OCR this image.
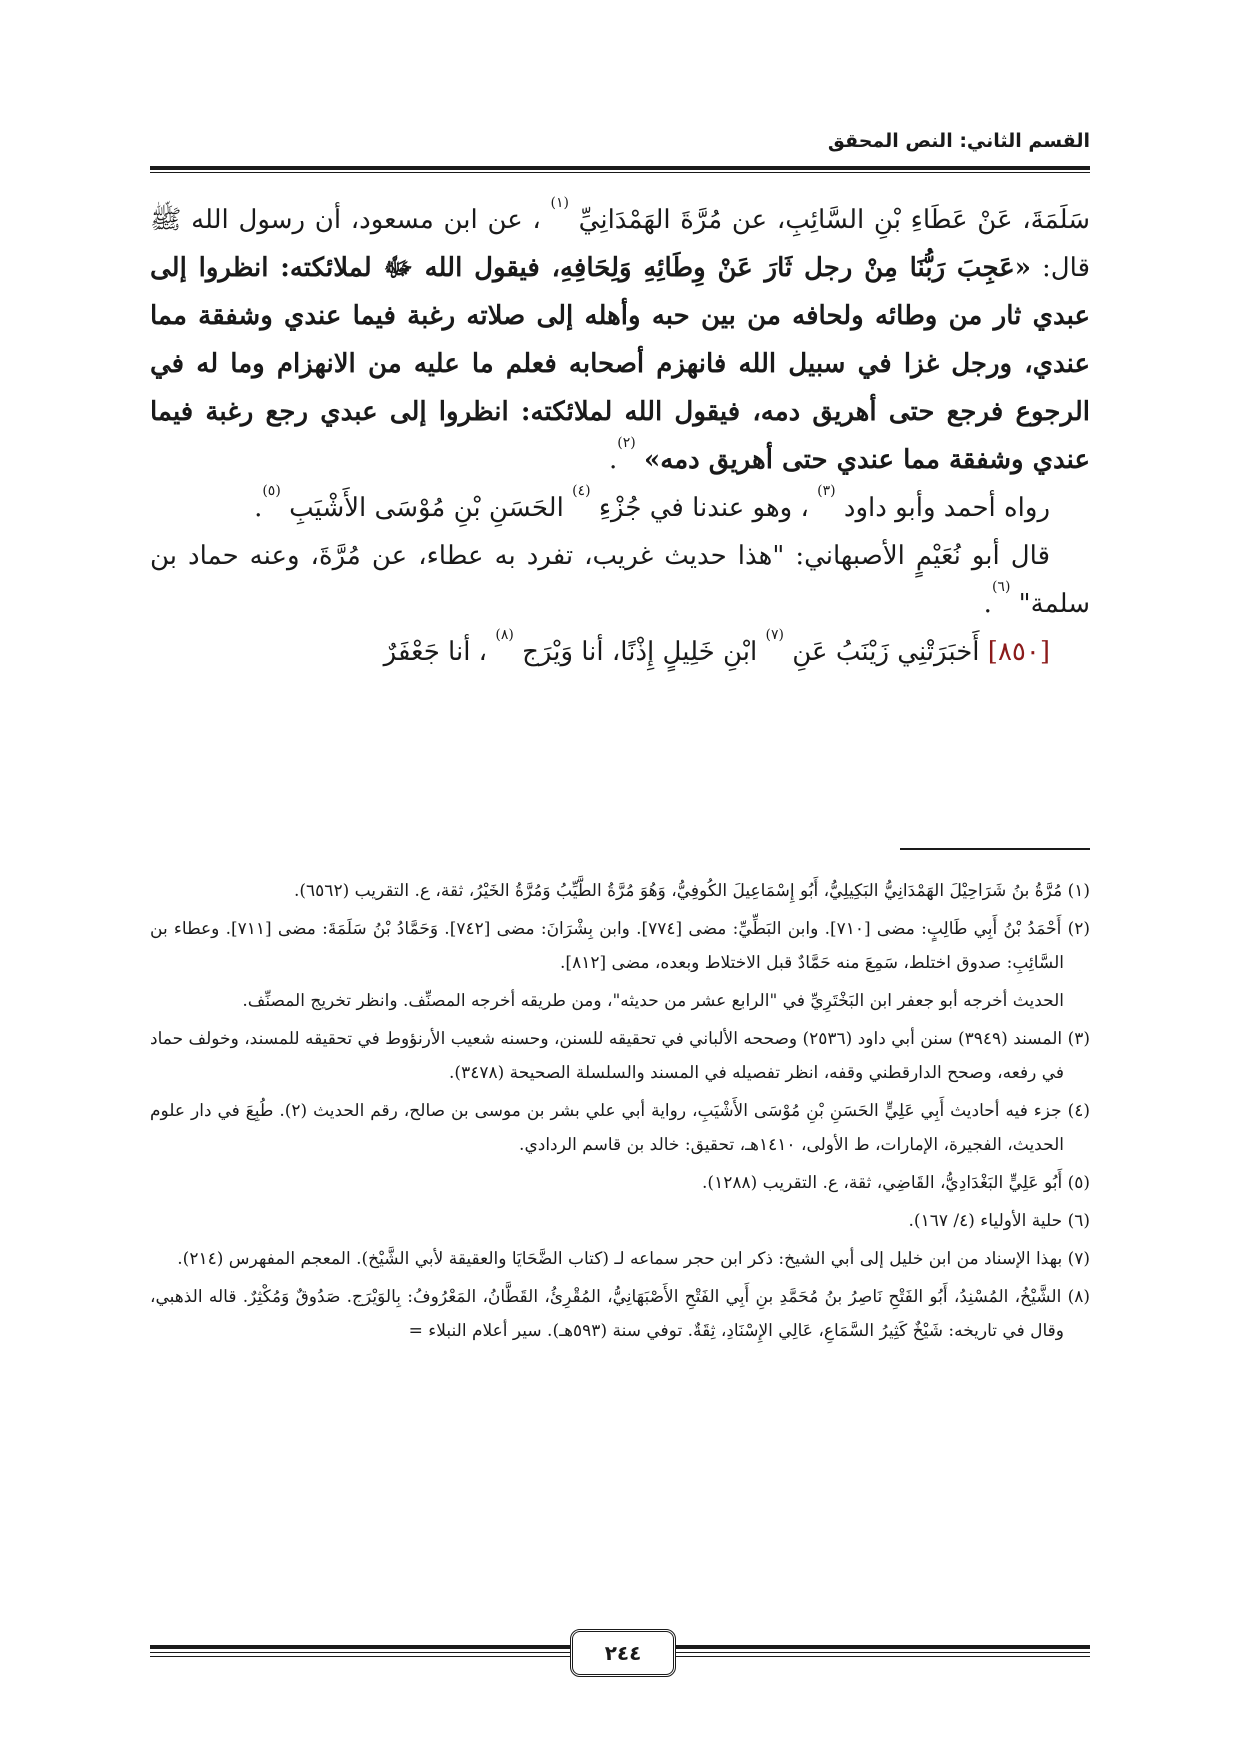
القسم الثاني: النص المحقق

سَلَمَةَ، عَنْ عَطَاءِ بْنِ السَّائِبِ، عن مُرَّةَ الهَمْدَانِيِّ $^{(١)}$ ، عن ابن مسعود، أن رسول الله ﷺ قال: «عَجِبَ رَبُّنَا مِنْ رجل ثَارَ عَنْ وِطَائِهِ وَلِحَافِهِ، فيقول الله ﷻ لملائكته: انظروا إلى عبدي ثار من وطائه ولحافه من بين حبه وأهله إلى صلاته رغبة فيما عندي وشفقة مما عندي، ورجل غزا في سبيل الله فانهزم أصحابه فعلم ما عليه من الانهزام وما له في الرجوع فرجع حتى أهريق دمه، فيقول الله لملائكته: انظروا إلى عبدي رجع رغبة فيما عندي وشفقة مما عندي حتى أهريق دمه» $^{(٢)}$.

رواه أحمد وأبو داود $^{(٣)}$ ، وهو عندنا في جُزْءِ $^{(٤)}$ الحَسَنِ بْنِ مُوْسَى الأَشْيَبِ $^{(٥)}$.

قال أبو نُعَيْمٍ الأصبهاني: "هذا حديث غريب، تفرد به عطاء، عن مُرَّةَ، وعنه حماد بن سلمة" $^{(٦)}$.

[٨٥٠] أَخبَرَتْنِي زَيْنَبُ عَنِ $^{(٧)}$ ابْنِ خَلِيلٍ إِذْنًا، أنا وَيْرَج $^{(٨)}$ ، أنا جَعْفَرٌ

(١) مُرَّةُ بنُ شَرَاحِيْلَ الهَمْدَانِيُّ البَكِيلِيُّ، أَبُو إِسْمَاعِيلَ الكُوفِيُّ، وَهُوَ مُرَّةُ الطَّيِّبُ وَمُرَّةُ الخَيْرُ، ثقة، ع. التقريب (٦٥٦٢).

(٢) أَحْمَدُ بْنُ أَبِي طَالِبٍ: مضى [٧١٠]. وابن البَطِّيِّ: مضى [٧٧٤]. وابن بِشْرَانَ: مضى [٧٤٢]. وَحَمَّادُ بْنُ سَلَمَةَ: مضى [٧١١]. وعطاء بن السَّائِبِ: صدوق اختلط، سَمِعَ منه حَمَّادٌ قبل الاختلاط وبعده، مضى [٨١٢].

الحديث أخرجه أبو جعفر ابن البَخْتَرِيِّ في "الرابع عشر من حديثه"، ومن طريقه أخرجه المصنِّف. وانظر تخريج المصنِّف.

(٣) المسند (٣٩٤٩) سنن أبي داود (٢٥٣٦) وصححه الألباني في تحقيقه للسنن، وحسنه شعيب الأرنؤوط في تحقيقه للمسند، وخولف حماد في رفعه، وصحح الدارقطني وقفه، انظر تفصيله في المسند والسلسلة الصحيحة (٣٤٧٨).

(٤) جزء فيه أحاديث أَبِي عَلِيٍّ الحَسَنِ بْنِ مُوْسَى الأَشْيَبِ، رواية أبي علي بشر بن موسى بن صالح، رقم الحديث (٢). طُبِعَ في دار علوم الحديث، الفجيرة، الإمارات، ط الأولى، ١٤١٠هـ، تحقيق: خالد بن قاسم الردادي.

(٥) أَبُو عَلِيٍّ البَغْدَادِيُّ، القَاضِي، ثقة، ع. التقريب (١٢٨٨).

(٦) حلية الأولياء (٤/ ١٦٧).

(٧) بهذا الإسناد من ابن خليل إلى أبي الشيخ: ذكر ابن حجر سماعه لـ (كتاب الضَّحَايَا والعقيقة لأبي الشَّيْخ). المعجم المفهرس (٢١٤).

(٨) الشَّيْخُ، المُسْنِدُ، أَبُو الفَتْحِ نَاصِرُ بنُ مُحَمَّدِ بنِ أَبِي الفَتْحِ الأَصْبَهَانِيُّ، المُقْرِئُ، القَطَّانُ، المَعْرُوفُ: بِالوَيْرَج. صَدُوقٌ وَمُكْثِرٌ. قاله الذهبي، وقال في تاريخه: شَيْخٌ كَثِيرُ السَّمَاعِ، عَالِي الإِسْنَادِ، ثِقَةٌ. توفي سنة (٥٩٣هـ). سير أعلام النبلاء =

٢٤٤
